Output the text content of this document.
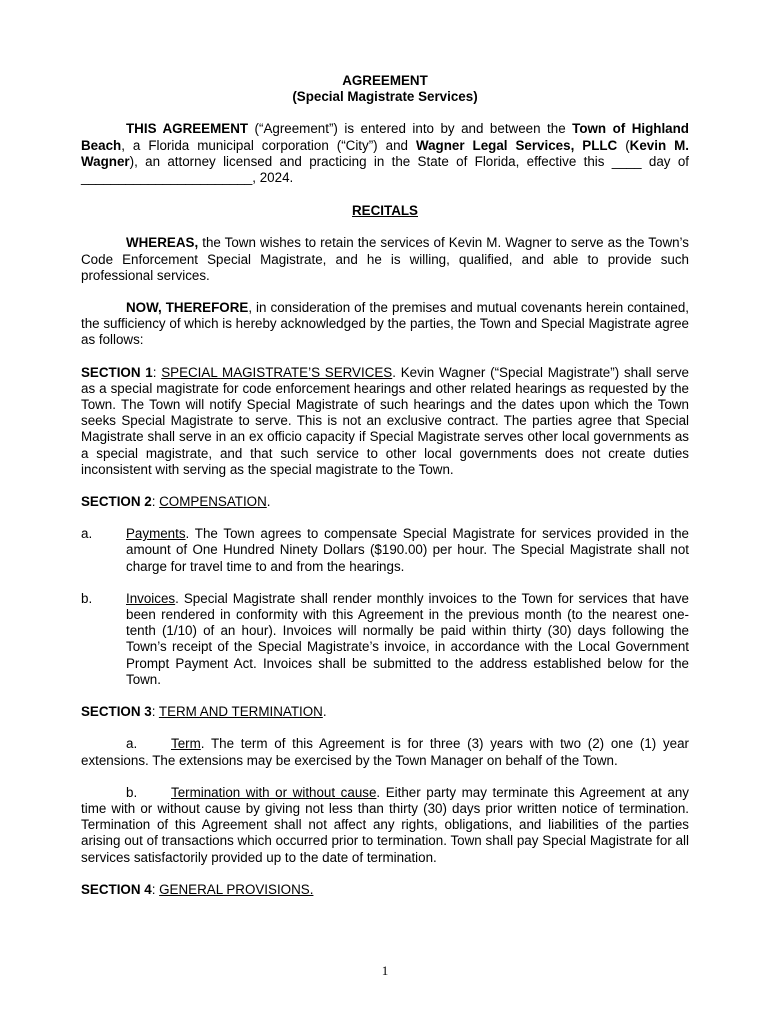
AGREEMENT
(Special Magistrate Services)

THIS AGREEMENT (“Agreement”) is entered into by and between the Town of Highland Beach, a Florida municipal corporation (“City”) and Wagner Legal Services, PLLC (Kevin M. Wagner), an attorney licensed and practicing in the State of Florida, effective this ____ day of _______________________, 2024.

RECITALS

WHEREAS, the Town wishes to retain the services of Kevin M. Wagner to serve as the Town’s Code Enforcement Special Magistrate, and he is willing, qualified, and able to provide such professional services.

NOW, THEREFORE, in consideration of the premises and mutual covenants herein contained, the sufficiency of which is hereby acknowledged by the parties, the Town and Special Magistrate agree as follows:

SECTION 1: SPECIAL MAGISTRATE’S SERVICES. Kevin Wagner (“Special Magistrate”) shall serve as a special magistrate for code enforcement hearings and other related hearings as requested by the Town. The Town will notify Special Magistrate of such hearings and the dates upon which the Town seeks Special Magistrate to serve. This is not an exclusive contract. The parties agree that Special Magistrate shall serve in an ex officio capacity if Special Magistrate serves other local governments as a special magistrate, and that such service to other local governments does not create duties inconsistent with serving as the special magistrate to the Town.

SECTION 2: COMPENSATION.

a.	Payments. The Town agrees to compensate Special Magistrate for services provided in the amount of One Hundred Ninety Dollars ($190.00) per hour. The Special Magistrate shall not charge for travel time to and from the hearings.
b.	Invoices. Special Magistrate shall render monthly invoices to the Town for services that have been rendered in conformity with this Agreement in the previous month (to the nearest one-tenth (1/10) of an hour). Invoices will normally be paid within thirty (30) days following the Town’s receipt of the Special Magistrate’s invoice, in accordance with the Local Government Prompt Payment Act. Invoices shall be submitted to the address established below for the Town.

SECTION 3: TERM AND TERMINATION.

a.	Term. The term of this Agreement is for three (3) years with two (2) one (1) year extensions. The extensions may be exercised by the Town Manager on behalf of the Town.

b.	Termination with or without cause. Either party may terminate this Agreement at any time with or without cause by giving not less than thirty (30) days prior written notice of termination. Termination of this Agreement shall not affect any rights, obligations, and liabilities of the parties arising out of transactions which occurred prior to termination. Town shall pay Special Magistrate for all services satisfactorily provided up to the date of termination.

SECTION 4: GENERAL PROVISIONS.

1
